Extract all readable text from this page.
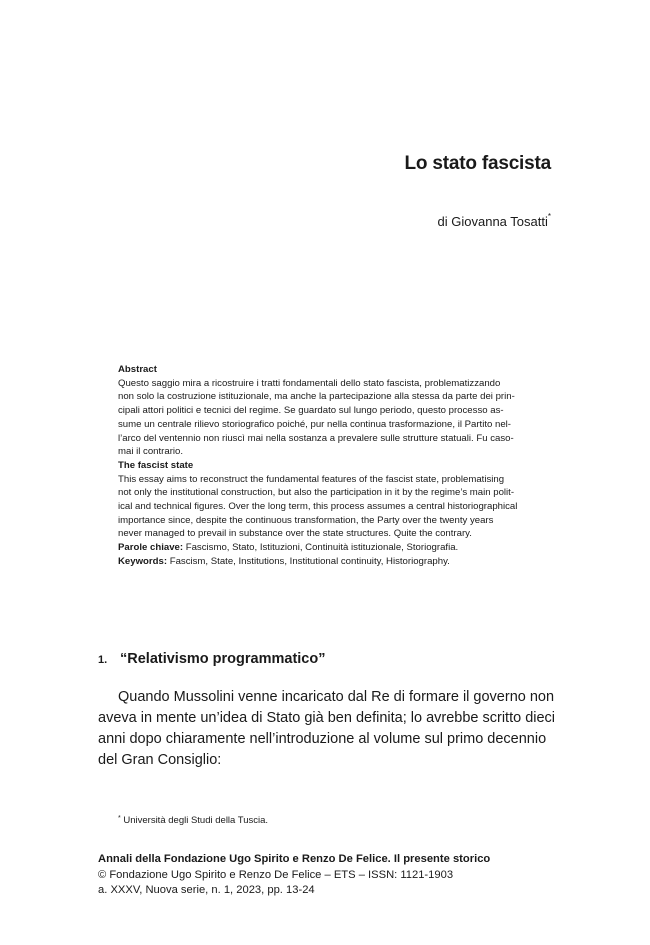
Lo stato fascista
di Giovanna Tosatti*

Abstract
Questo saggio mira a ricostruire i tratti fondamentali dello stato fascista, problematizzando
non solo la costruzione istituzionale, ma anche la partecipazione alla stessa da parte dei prin-
cipali attori politici e tecnici del regime. Se guardato sul lungo periodo, questo processo as-
sume un centrale rilievo storiografico poiché, pur nella continua trasformazione, il Partito nel-
l’arco del ventennio non riuscì mai nella sostanza a prevalere sulle strutture statuali. Fu caso-
mai il contrario.

The fascist state
This essay aims to reconstruct the fundamental features of the fascist state, problematising
not only the institutional construction, but also the participation in it by the regime’s main polit-
ical and technical figures. Over the long term, this process assumes a central historiographical
importance since, despite the continuous transformation, the Party over the twenty years
never managed to prevail in substance over the state structures. Quite the contrary.

Parole chiave: Fascismo, Stato, Istituzioni, Continuità istituzionale, Storiografia.
Keywords: Fascism, State, Institutions, Institutional continuity, Historiography.

1. “Relativismo programmatico”
Quando Mussolini venne incaricato dal Re di formare il governo non
aveva in mente un’idea di Stato già ben definita; lo avrebbe scritto dieci
anni dopo chiaramente nell’introduzione al volume sul primo decennio
del Gran Consiglio:
* Università degli Studi della Tuscia.
Annali della Fondazione Ugo Spirito e Renzo De Felice. Il presente storico
© Fondazione Ugo Spirito e Renzo De Felice – ETS – ISSN: 1121-1903
a. XXXV, Nuova serie, n. 1, 2023, pp. 13-24
